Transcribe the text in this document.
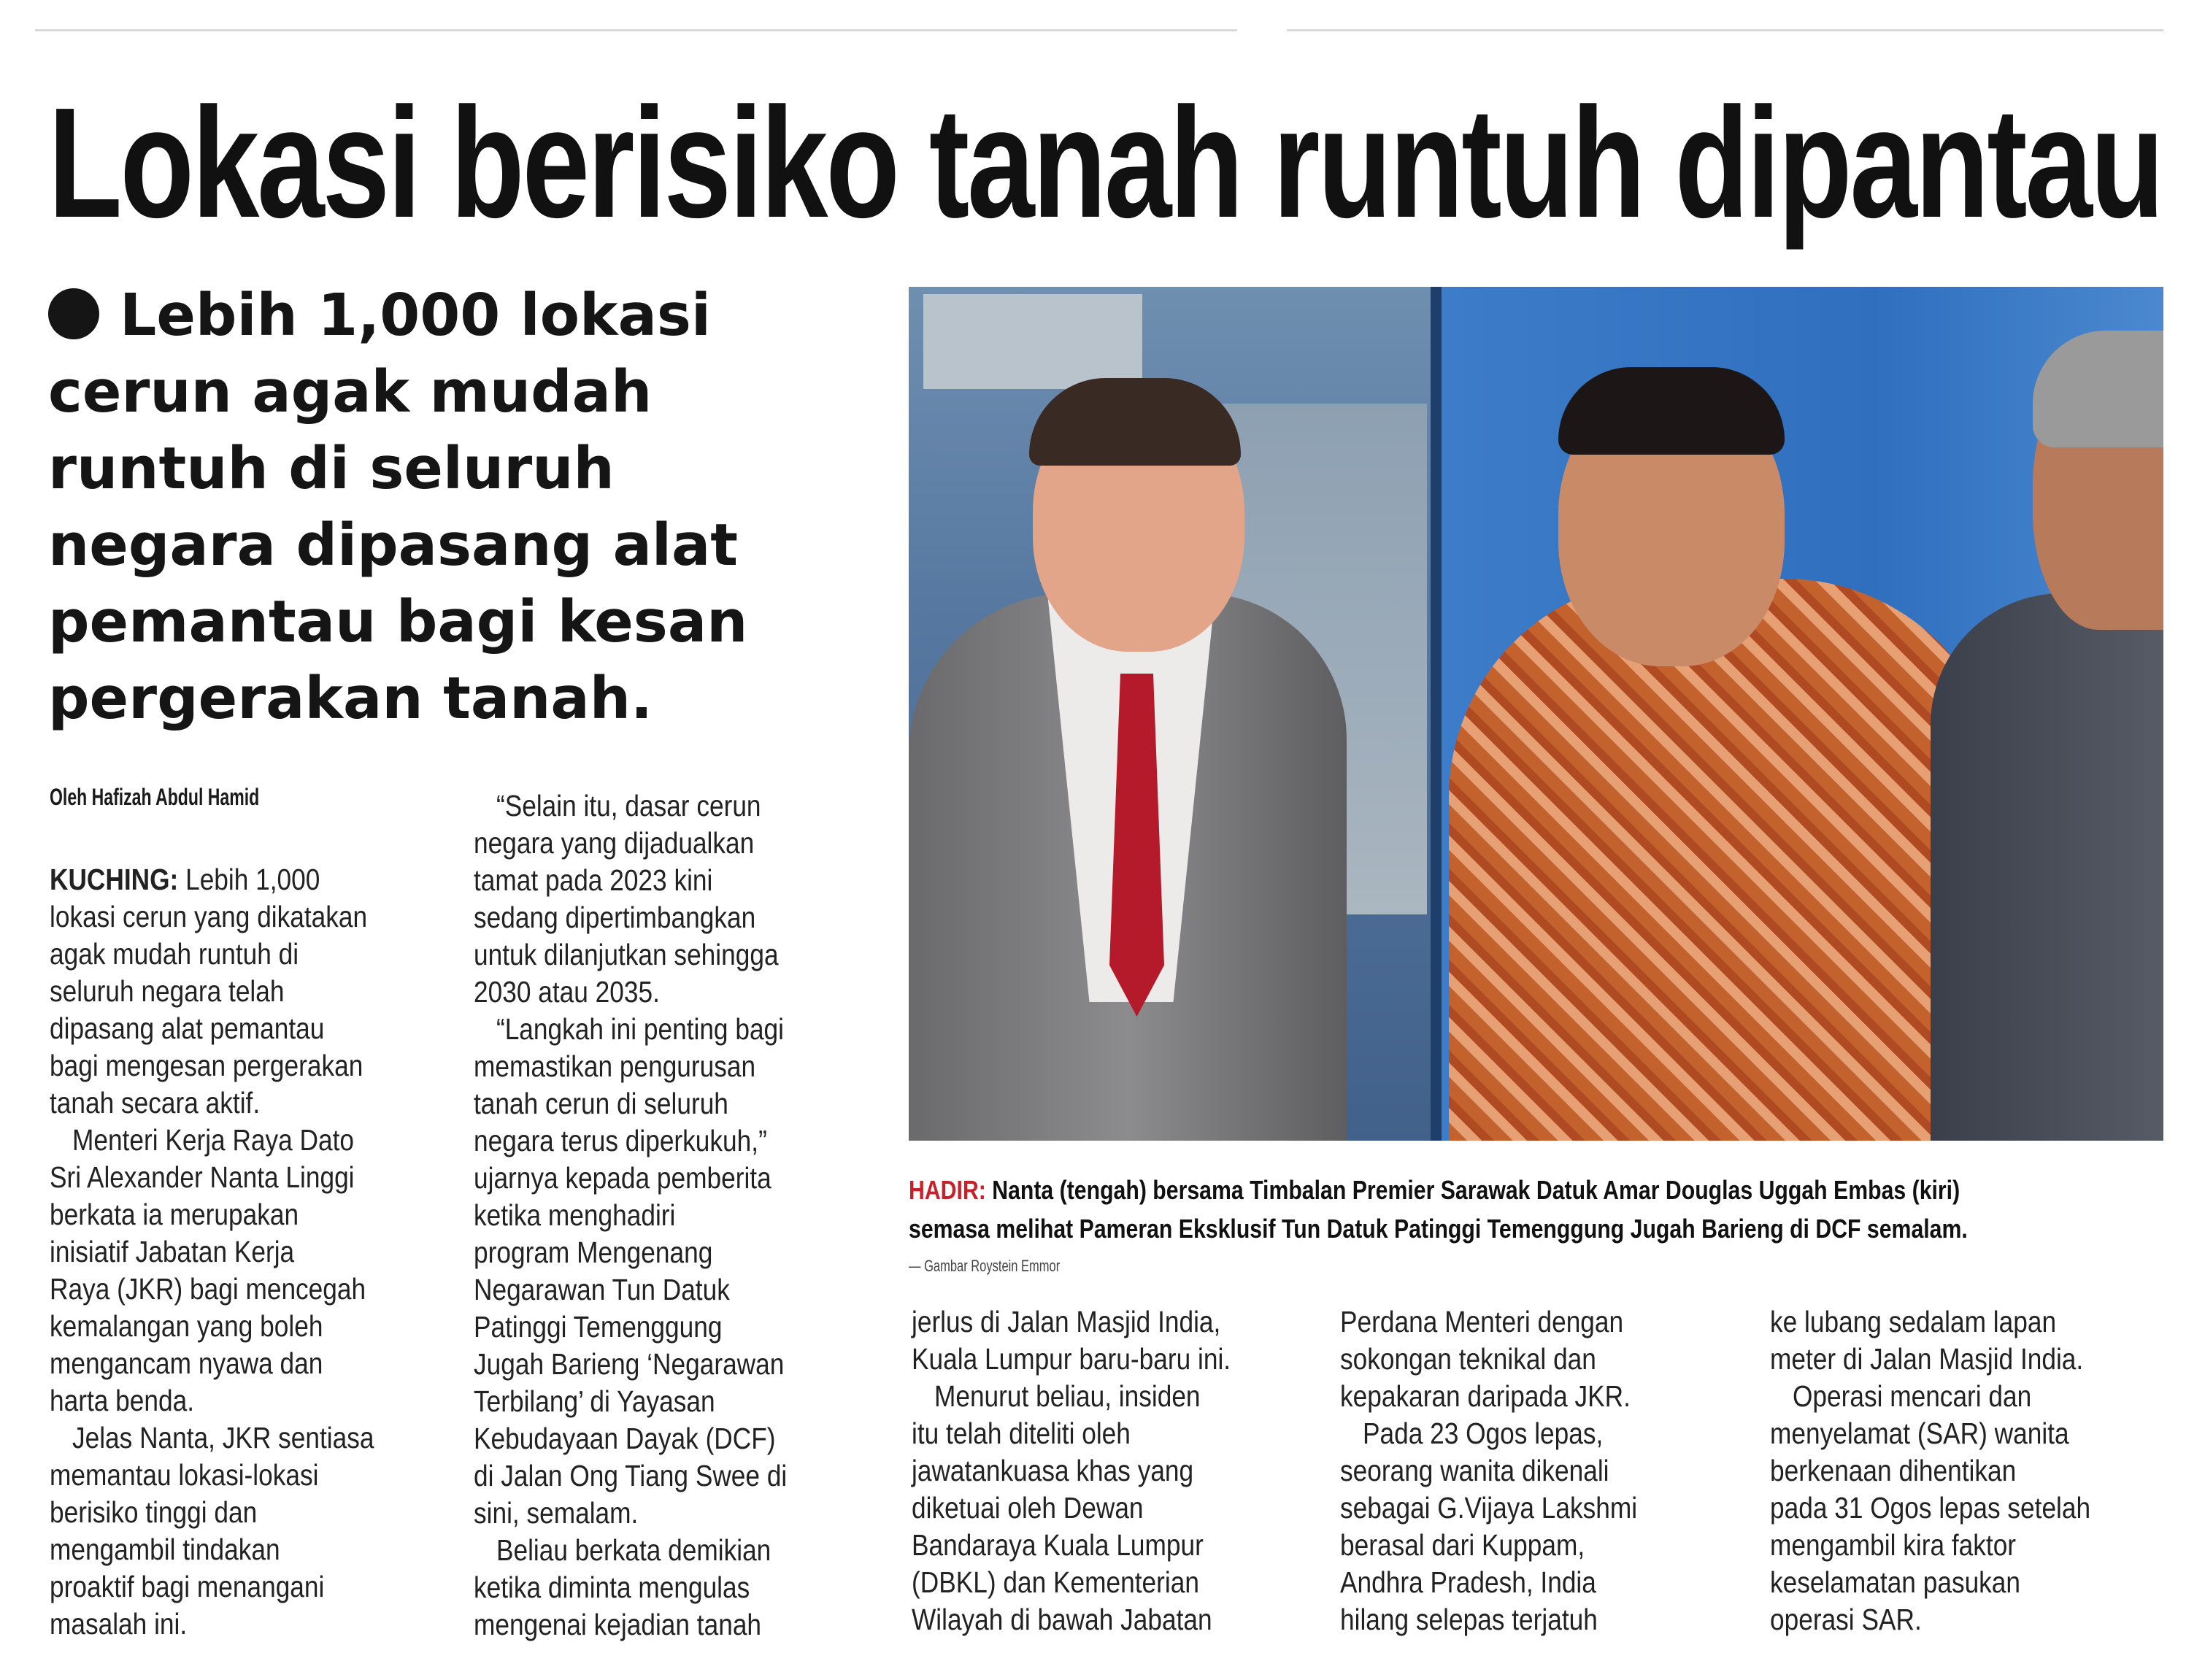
Lokasi berisiko tanah runtuh dipantau
Lebih 1,000 lokasi
cerun agak mudah
runtuh di seluruh
negara dipasang alat
pemantau bagi kesan
pergerakan tanah.
Oleh Hafizah Abdul Hamid
KUCHING: Lebih 1,000
lokasi cerun yang dikatakan
agak mudah runtuh di
seluruh negara telah
dipasang alat pemantau
bagi mengesan pergerakan
tanah secara aktif.
Menteri Kerja Raya Dato
Sri Alexander Nanta Linggi
berkata ia merupakan
inisiatif Jabatan Kerja
Raya (JKR) bagi mencegah
kemalangan yang boleh
mengancam nyawa dan
harta benda.
Jelas Nanta, JKR sentiasa
memantau lokasi-lokasi
berisiko tinggi dan
mengambil tindakan
proaktif bagi menangani
masalah ini.
“Selain itu, dasar cerun
negara yang dijadualkan
tamat pada 2023 kini
sedang dipertimbangkan
untuk dilanjutkan sehingga
2030 atau 2035.
“Langkah ini penting bagi
memastikan pengurusan
tanah cerun di seluruh
negara terus diperkukuh,”
ujarnya kepada pemberita
ketika menghadiri
program Mengenang
Negarawan Tun Datuk
Patinggi Temenggung
Jugah Barieng ‘Negarawan
Terbilang’ di Yayasan
Kebudayaan Dayak (DCF)
di Jalan Ong Tiang Swee di
sini, semalam.
Beliau berkata demikian
ketika diminta mengulas
mengenai kejadian tanah
jerlus di Jalan Masjid India,
Kuala Lumpur baru-baru ini.
Menurut beliau, insiden
itu telah diteliti oleh
jawatankuasa khas yang
diketuai oleh Dewan
Bandaraya Kuala Lumpur
(DBKL) dan Kementerian
Wilayah di bawah Jabatan
Perdana Menteri dengan
sokongan teknikal dan
kepakaran daripada JKR.
Pada 23 Ogos lepas,
seorang wanita dikenali
sebagai G.Vijaya Lakshmi
berasal dari Kuppam,
Andhra Pradesh, India
hilang selepas terjatuh
ke lubang sedalam lapan
meter di Jalan Masjid India.
Operasi mencari dan
menyelamat (SAR) wanita
berkenaan dihentikan
pada 31 Ogos lepas setelah
mengambil kira faktor
keselamatan pasukan
operasi SAR.
HADIR: Nanta (tengah) bersama Timbalan Premier Sarawak Datuk Amar Douglas Uggah Embas (kiri)
semasa melihat Pameran Eksklusif Tun Datuk Patinggi Temenggung Jugah Barieng di DCF semalam.
— Gambar Roystein Emmor
